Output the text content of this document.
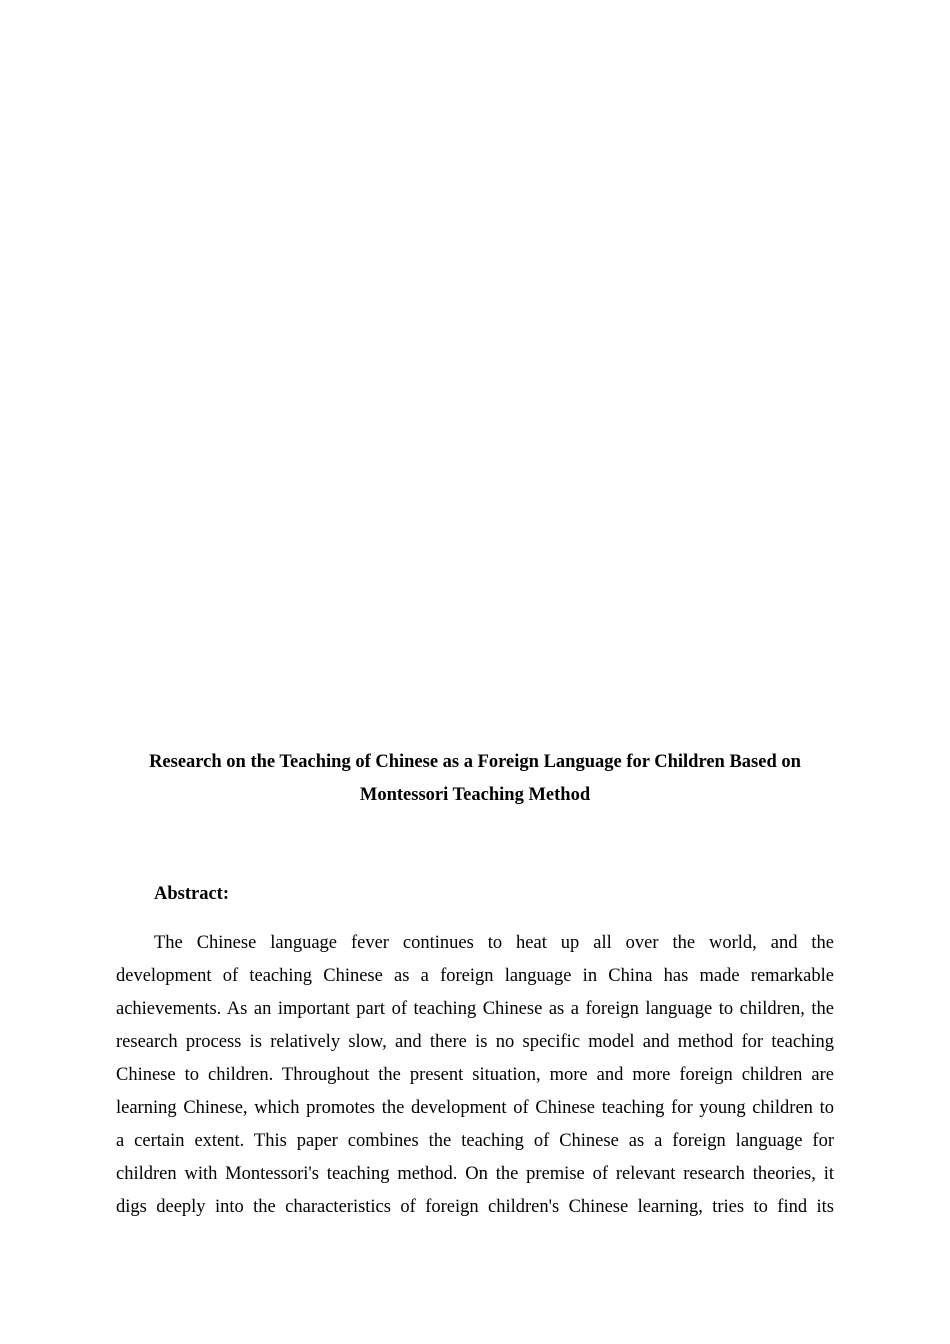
Research on the Teaching of Chinese as a Foreign Language for Children Based on
Montessori Teaching Method
Abstract:
The Chinese language fever continues to heat up all over the world, and the
development of teaching Chinese as a foreign language in China has made remarkable
achievements. As an important part of teaching Chinese as a foreign language to children, the
research process is relatively slow, and there is no specific model and method for teaching
Chinese to children. Throughout the present situation, more and more foreign children are
learning Chinese, which promotes the development of Chinese teaching for young children to
a certain extent. This paper combines the teaching of Chinese as a foreign language for
children with Montessori's teaching method. On the premise of relevant research theories, it
digs deeply into the characteristics of foreign children's Chinese learning, tries to find its
